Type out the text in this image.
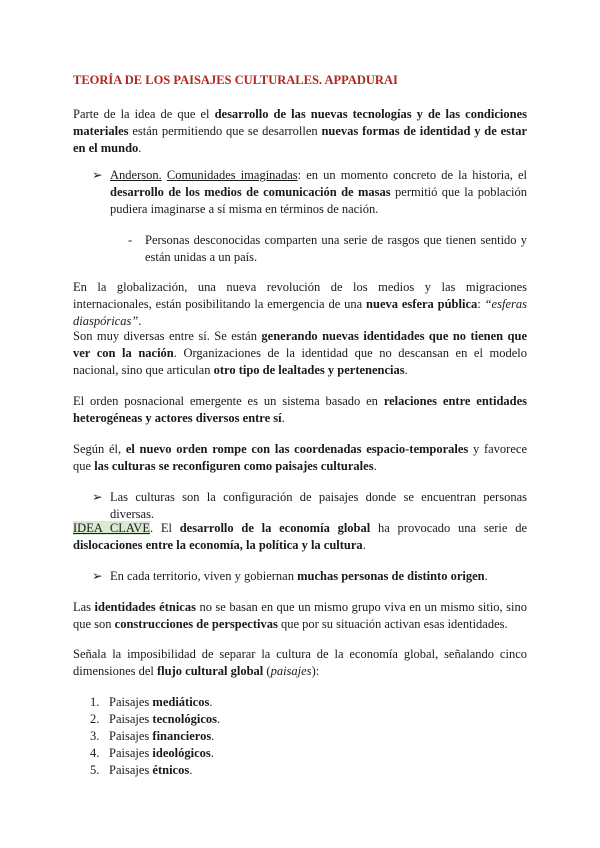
TEORÍA DE LOS PAISAJES CULTURALES. APPADURAI

Parte de la idea de que el desarrollo de las nuevas tecnologías y de las condiciones materiales están permitiendo que se desarrollen nuevas formas de identidad y de estar en el mundo.

➢ Anderson. Comunidades imaginadas: en un momento concreto de la historia, el desarrollo de los medios de comunicación de masas permitió que la población pudiera imaginarse a sí misma en términos de nación.

- Personas desconocidas comparten una serie de rasgos que tienen sentido y están unidas a un país.

En la globalización, una nueva revolución de los medios y las migraciones internacionales, están posibilitando la emergencia de una nueva esfera pública: “esferas diaspóricas”.

Son muy diversas entre sí. Se están generando nuevas identidades que no tienen que ver con la nación. Organizaciones de la identidad que no descansan en el modelo nacional, sino que articulan otro tipo de lealtades y pertenencias.

El orden posnacional emergente es un sistema basado en relaciones entre entidades heterogéneas y actores diversos entre sí.

Según él, el nuevo orden rompe con las coordenadas espacio-temporales y favorece que las culturas se reconfiguren como paisajes culturales.

➢ Las culturas son la configuración de paisajes donde se encuentran personas diversas.

IDEA CLAVE. El desarrollo de la economía global ha provocado una serie de dislocaciones entre la economía, la política y la cultura.

➢ En cada territorio, viven y gobiernan muchas personas de distinto origen.

Las identidades étnicas no se basan en que un mismo grupo viva en un mismo sitio, sino que son construcciones de perspectivas que por su situación activan esas identidades.

Señala la imposibilidad de separar la cultura de la economía global, señalando cinco dimensiones del flujo cultural global (paisajes):

1. Paisajes mediáticos.
2. Paisajes tecnológicos.
3. Paisajes financieros.
4. Paisajes ideológicos.
5. Paisajes étnicos.
